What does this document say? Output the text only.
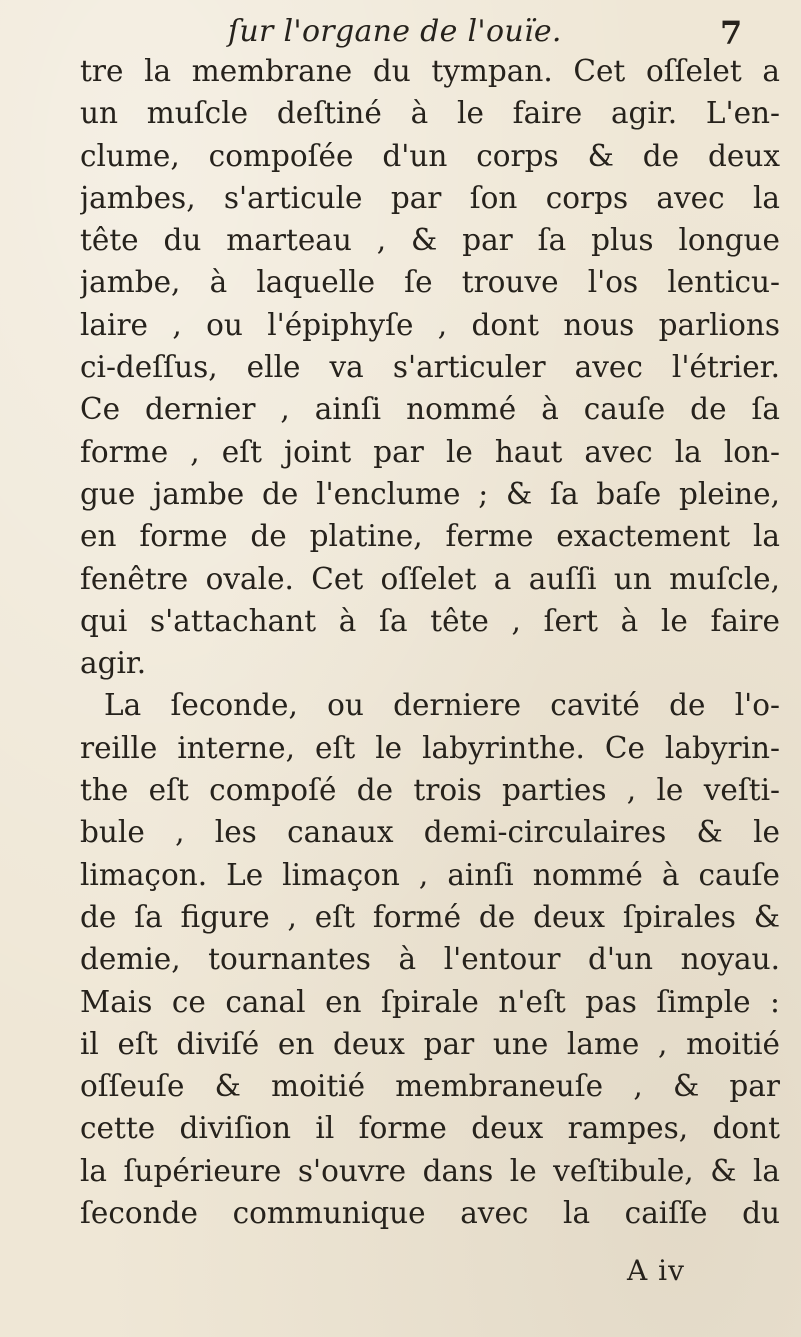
ſur l'organe de l'ouïe.	7
tre la membrane du tympan. Cet oſſelet a
un muſcle deſtiné à le faire agir. L'en-
clume, compoſée d'un corps & de deux
jambes, s'articule par ſon corps avec la
tête du marteau , & par ſa plus longue
jambe, à laquelle ſe trouve l'os lenticu-
laire , ou l'épiphyſe , dont nous parlions
ci-deſſus, elle va s'articuler avec l'étrier.
Ce dernier , ainſi nommé à cauſe de ſa
forme , eſt joint par le haut avec la lon-
gue jambe de l'enclume ; & ſa baſe pleine,
en forme de platine, ferme exactement la
fenêtre ovale. Cet oſſelet a auſſi un muſcle,
qui s'attachant à ſa tête , ſert à le faire
agir.
La ſeconde, ou derniere cavité de l'o-
reille interne, eſt le labyrinthe. Ce labyrin-
the eſt compoſé de trois parties , le veſti-
bule , les canaux demi-circulaires & le
limaçon. Le limaçon , ainſi nommé à cauſe
de ſa figure , eſt formé de deux ſpirales &
demie, tournantes à l'entour d'un noyau.
Mais ce canal en ſpirale n'eſt pas ſimple :
il eſt diviſé en deux par une lame , moitié
oſſeuſe & moitié membraneuſe , & par
cette diviſion il forme deux rampes, dont
la ſupérieure s'ouvre dans le veſtibule, & la
ſeconde communique avec la caiſſe du
A iv
